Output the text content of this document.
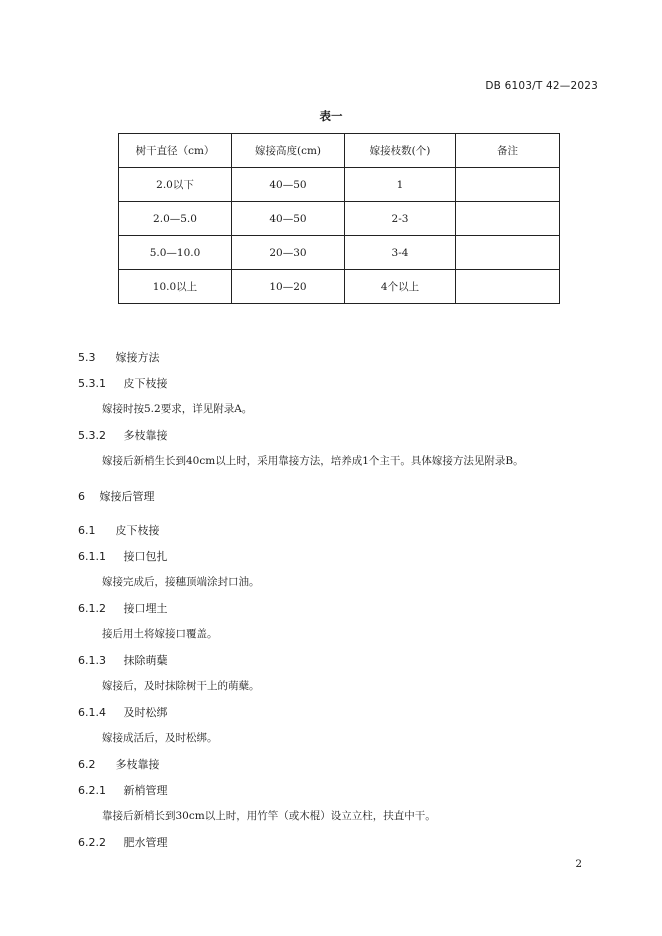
DB 6103/T 42—2023
表一
树干直径（cm）	嫁接高度(cm)	嫁接枝数(个)	备注
2.0以下	40—50	1	
2.0—5.0	40—50	2-3	
5.0—10.0	20—30	3-4	
10.0以上	10—20	4个以上	
5.3 嫁接方法
5.3.1 皮下枝接
嫁接时按5.2要求，详见附录A。
5.3.2 多枝靠接
嫁接后新梢生长到40cm以上时，采用靠接方法，培养成1个主干。具体嫁接方法见附录B。
6 嫁接后管理
6.1 皮下枝接
6.1.1 接口包扎
嫁接完成后，接穗顶端涂封口油。
6.1.2 接口埋土
接后用土将嫁接口覆盖。
6.1.3 抹除萌蘖
嫁接后，及时抹除树干上的萌蘖。
6.1.4 及时松绑
嫁接成活后，及时松绑。
6.2 多枝靠接
6.2.1 新梢管理
靠接后新梢长到30cm以上时，用竹竿（或木棍）设立立柱，扶直中干。
6.2.2 肥水管理
2
